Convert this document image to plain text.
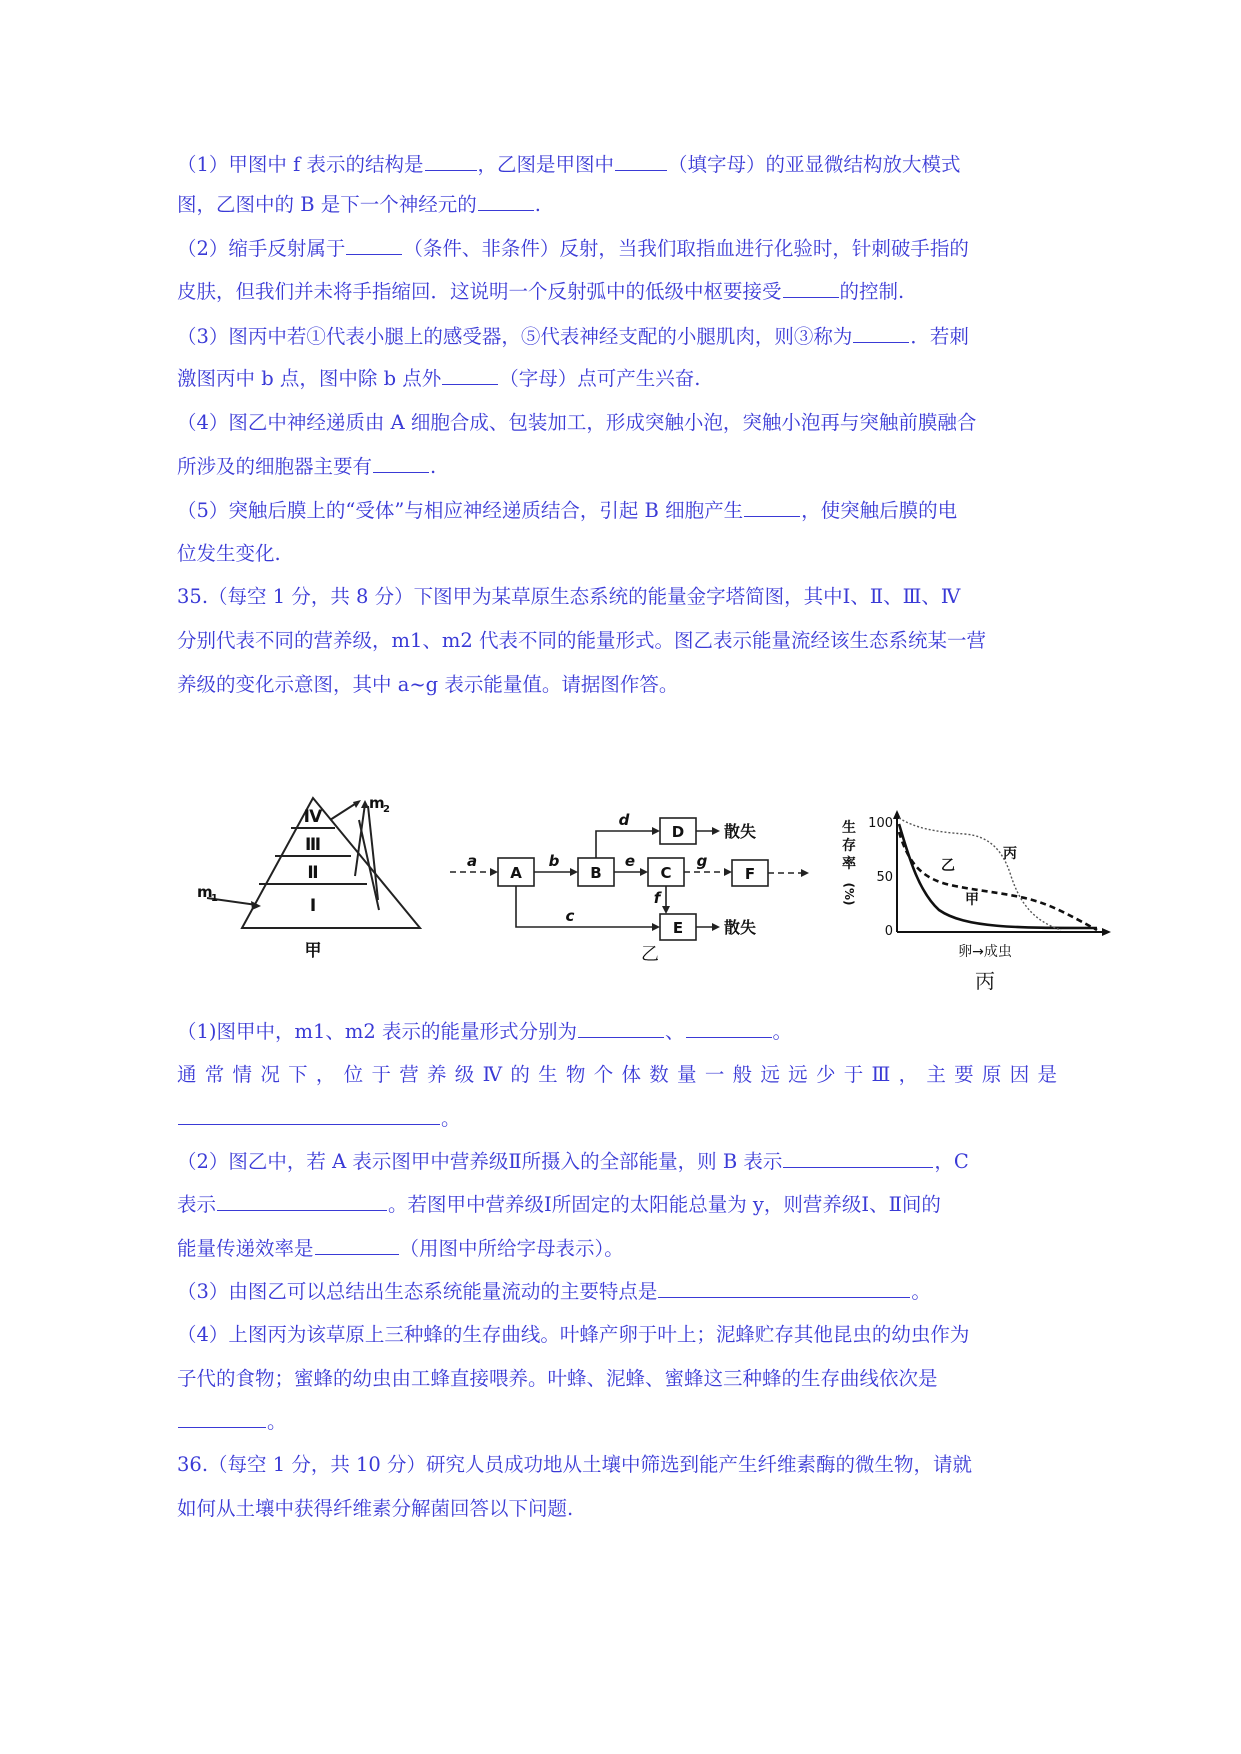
（1）甲图中 f 表示的结构是	，乙图是甲图中	（填字母）的亚显微结构放大模式
图，乙图中的 B 是下一个神经元的	.
（2）缩手反射属于	（条件、非条件）反射，当我们取指血进行化验时，针刺破手指的
皮肤，但我们并未将手指缩回．这说明一个反射弧中的低级中枢要接受	的控制.
（3）图丙中若①代表小腿上的感受器，⑤代表神经支配的小腿肌肉，则③称为	．若刺
激图丙中 b 点，图中除 b 点外	（字母）点可产生兴奋.
（4）图乙中神经递质由 A 细胞合成、包装加工，形成突触小泡，突触小泡再与突触前膜融合
所涉及的细胞器主要有	.
（5）突触后膜上的“受体”与相应神经递质结合，引起 B 细胞产生	，使突触后膜的电
位发生变化.
35.（每空 1 分，共 8 分）下图甲为某草原生态系统的能量金字塔简图，其中Ⅰ、Ⅱ、Ⅲ、Ⅳ
分别代表不同的营养级，m1、m2 代表不同的能量形式。图乙表示能量流经该生态系统某一营
养级的变化示意图，其中 a~g 表示能量值。请据图作答。
Ⅳ
Ⅲ
Ⅱ
Ⅰ
m
1
m
2
甲
A	B	C
D
E
F
a	b
c
d
e
f
g
散失
散失
乙
生
存
率
(%)
100
50
0
甲
乙
丙
卵→成虫
丙
（1)图甲中，m1、m2 表示的能量形式分别为	、	。
通常情况下，位于营养级Ⅳ的生物个体数量一般远远少于Ⅲ，主要原因是
。
（2）图乙中，若 A 表示图甲中营养级Ⅱ所摄入的全部能量，则 B 表示	，C
表示	。若图甲中营养级Ⅰ所固定的太阳能总量为 y，则营养级Ⅰ、Ⅱ间的
能量传递效率是	（用图中所给字母表示）。
（3）由图乙可以总结出生态系统能量流动的主要特点是	。
（4）上图丙为该草原上三种蜂的生存曲线。叶蜂产卵于叶上；泥蜂贮存其他昆虫的幼虫作为
子代的食物；蜜蜂的幼虫由工蜂直接喂养。叶蜂、泥蜂、蜜蜂这三种蜂的生存曲线依次是
。
36.（每空 1 分，共 10 分）研究人员成功地从土壤中筛选到能产生纤维素酶的微生物，请就
如何从土壤中获得纤维素分解菌回答以下问题.
